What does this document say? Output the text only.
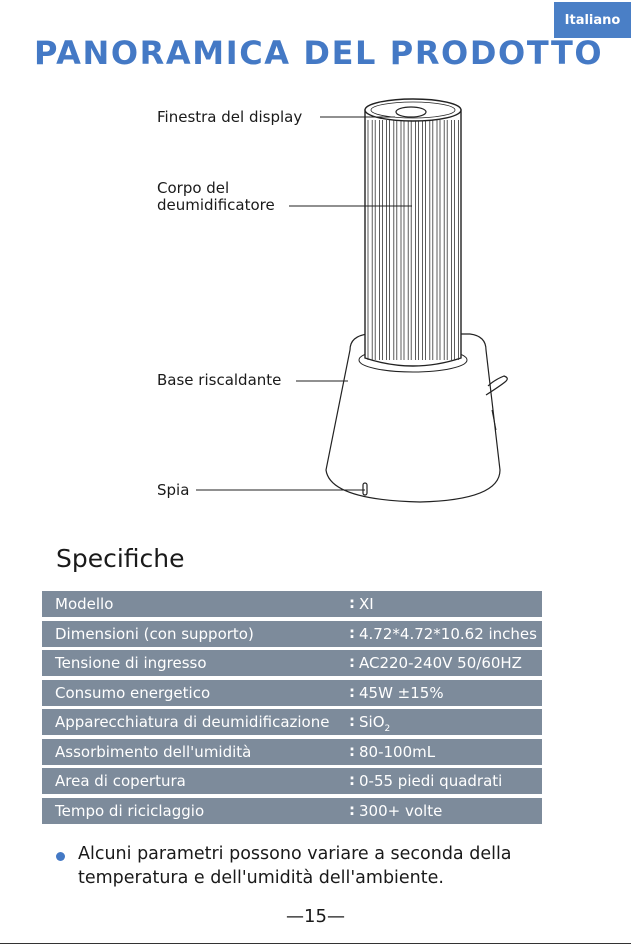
Italiano
PANORAMICA DEL PRODOTTO
Finestra del display
Corpo del
deumidificatore
Base riscaldante
Spia
Specifiche
Modello	: XI
Dimensioni (con supporto)	: 4.72*4.72*10.62 inches
Tensione di ingresso	: AC220-240V 50/60HZ
Consumo energetico	: 45W ±15%
Apparecchiatura di deumidificazione : SiO$_2$
Assorbimento dell'umidità	: 80-100mL
Area di copertura	: 0-55 piedi quadrati
Tempo di riciclaggio	: 300+ volte
Alcuni parametri possono variare a seconda della temperatura e dell'umidità dell'ambiente.
—15—
